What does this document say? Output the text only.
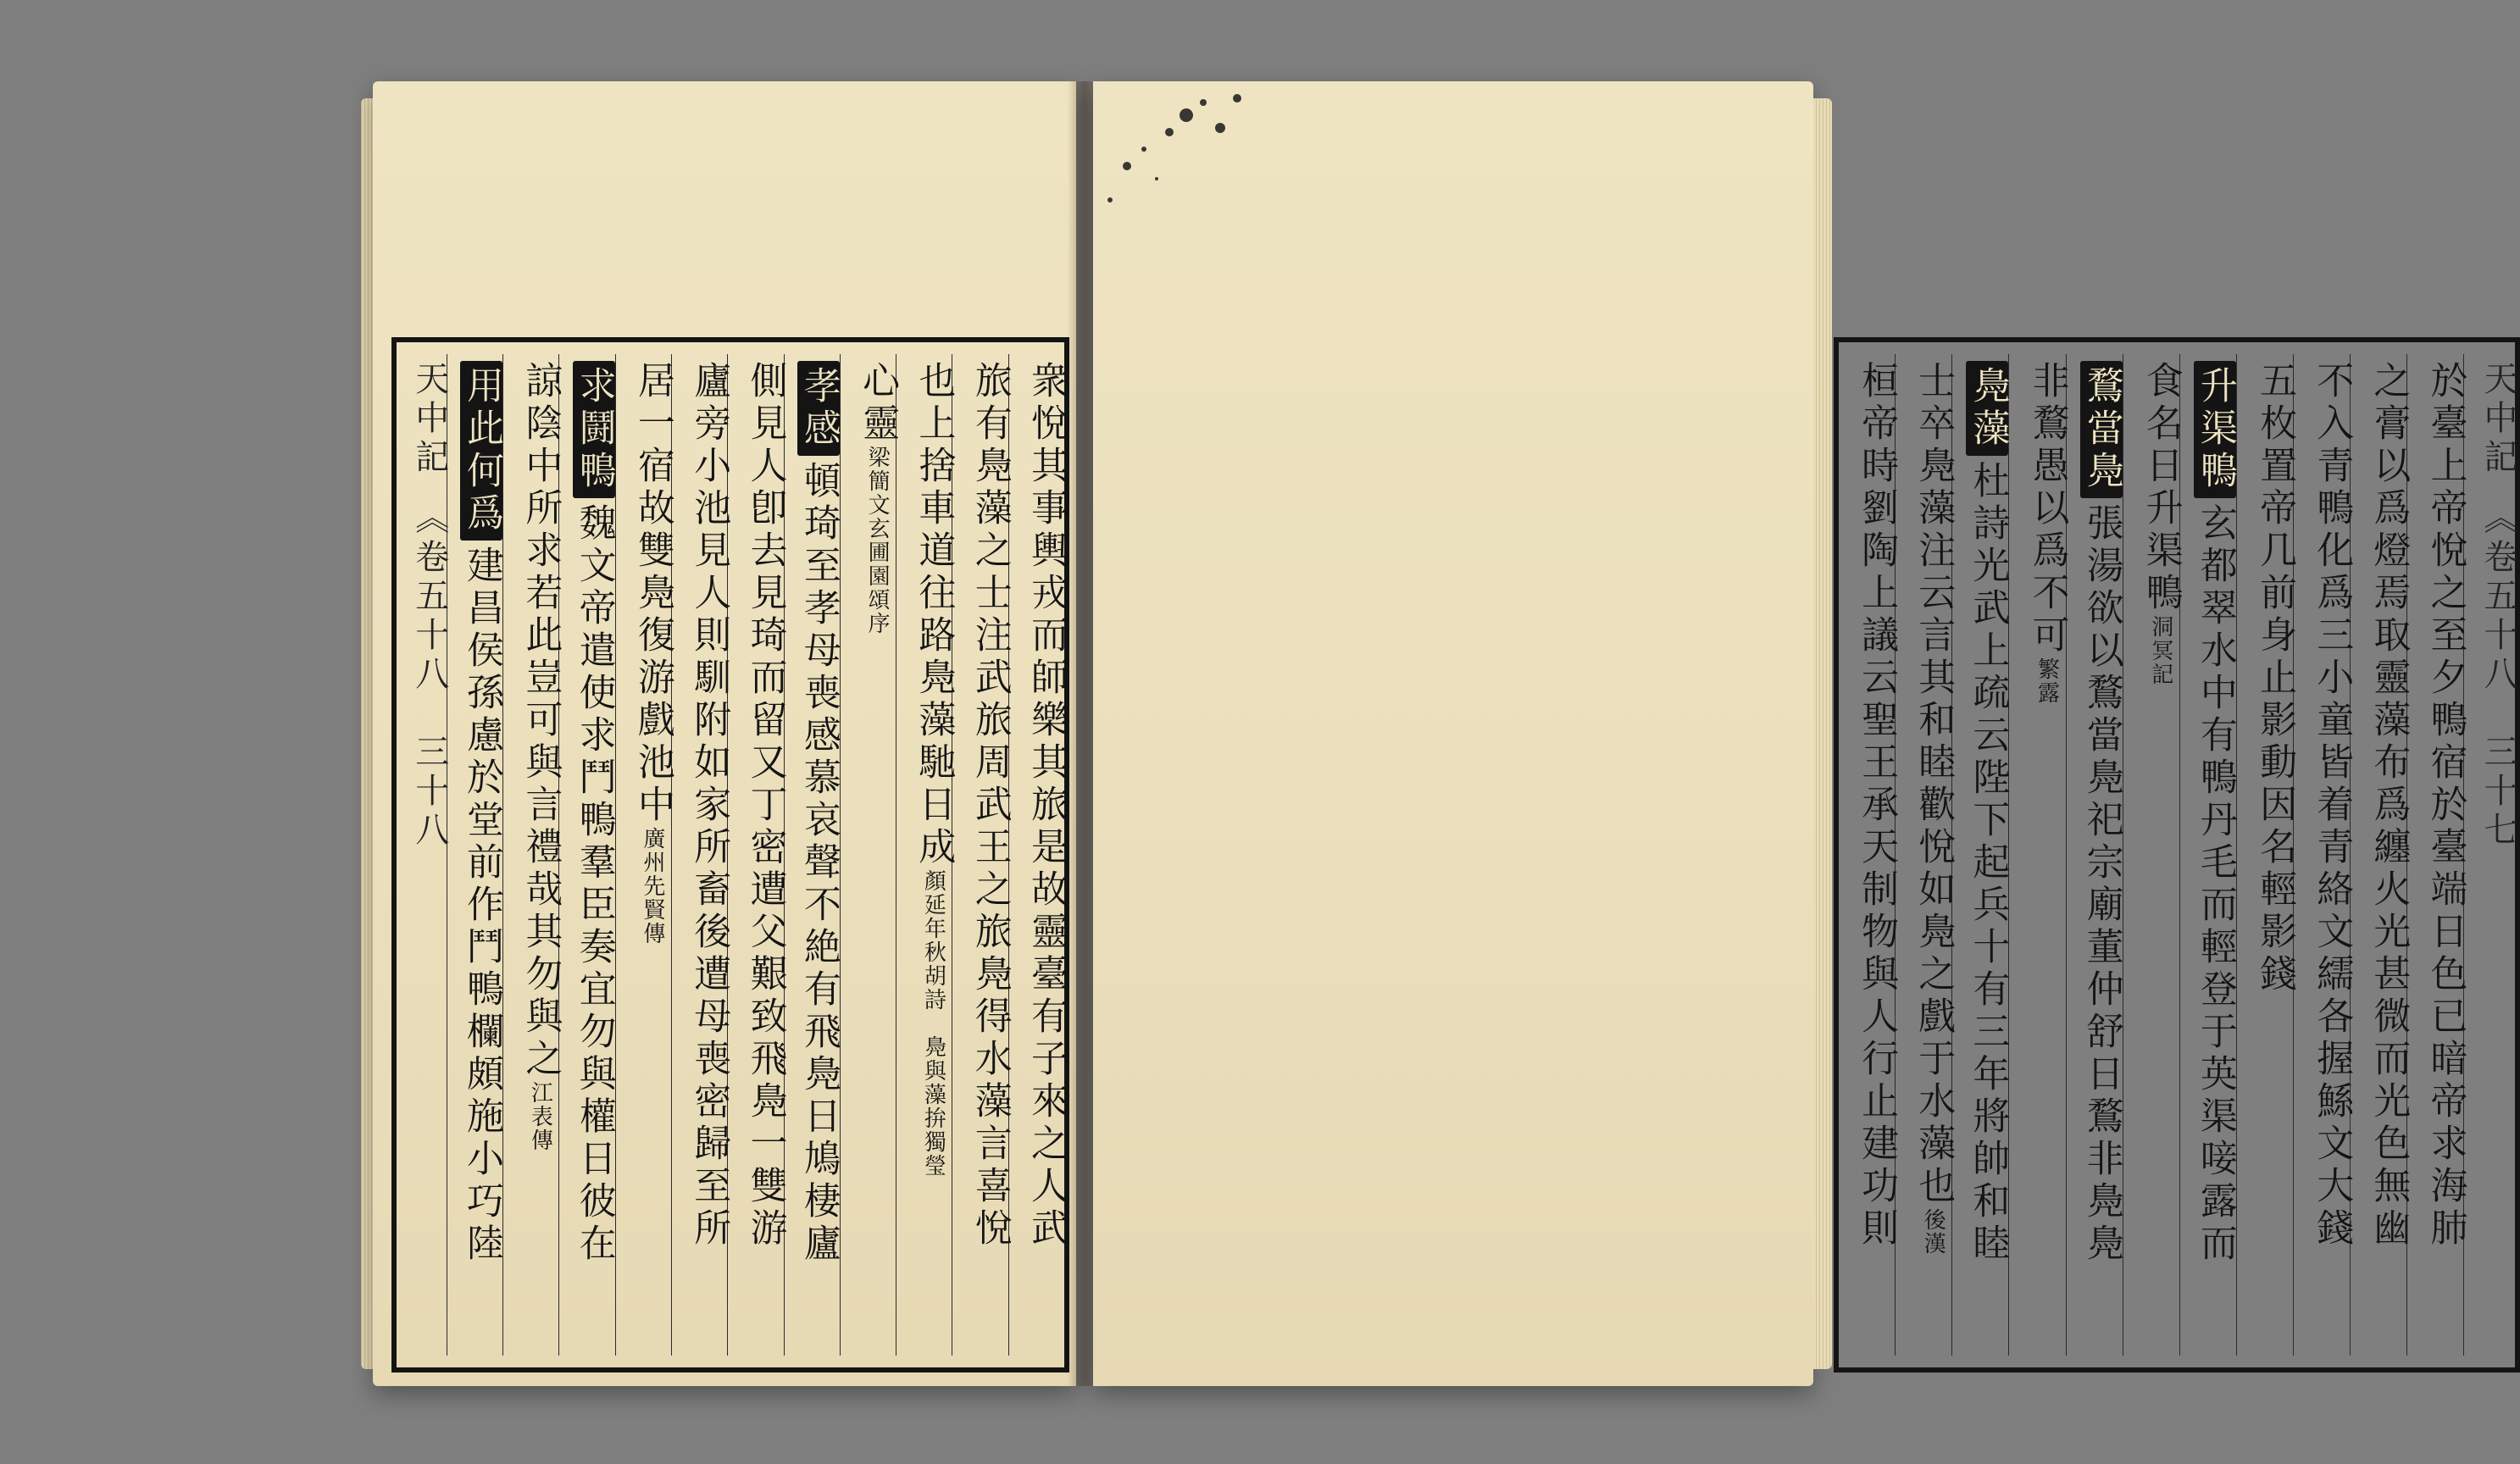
衆悅其事輿戎而師樂其旅是故靈臺有子來之人武
旅有鳧藻之士注武旅周武王之旅鳧得水藻言喜悅
也上捨車道往路鳧藻馳日成顏延年秋胡詩　鳧與藻拚獨瑩
心靈梁簡文玄圃園頌序
孝感頓琦至孝母喪感慕哀聲不絶有飛鳧日鳩棲廬
側見人卽去見琦而留又丁密遭父艱致飛鳧一雙游
廬旁小池見人則馴附如家所畜後遭母喪密歸至所
居一宿故雙鳧復游戲池中廣州先賢傳
求鬪鴨魏文帝遣使求鬥鴨羣臣奏宜勿與權日彼在
諒陰中所求若此豈可與言禮哉其勿與之江表傳
用此何爲建昌侯孫慮於堂前作鬥鴨欄頗施小巧陸
天中記　《卷五十八　三十八	天中記　《卷五十八　三十七
於臺上帝悅之至夕鴨宿於臺端日色已暗帝求海肺
之膏以爲燈焉取靈藻布爲纏火光甚微而光色無幽
不入青鴨化爲三小童皆着青絡文繻各握鯀文大錢
五枚置帝几前身止影動因名輕影錢
升渠鴨玄都翠水中有鴨丹毛而輕登于英渠唼露而
食名日升渠鴨洞冥記
鶩當鳧張湯欲以鶩當鳧祀宗廟董仲舒日鶩非鳧鳧
非鶩愚以爲不可繁露
鳧藻杜詩光武上疏云陛下起兵十有三年將帥和睦
士卒鳧藻注云言其和睦歡悅如鳧之戲于水藻也後漢
桓帝時劉陶上議云聖王承天制物與人行止建功則
